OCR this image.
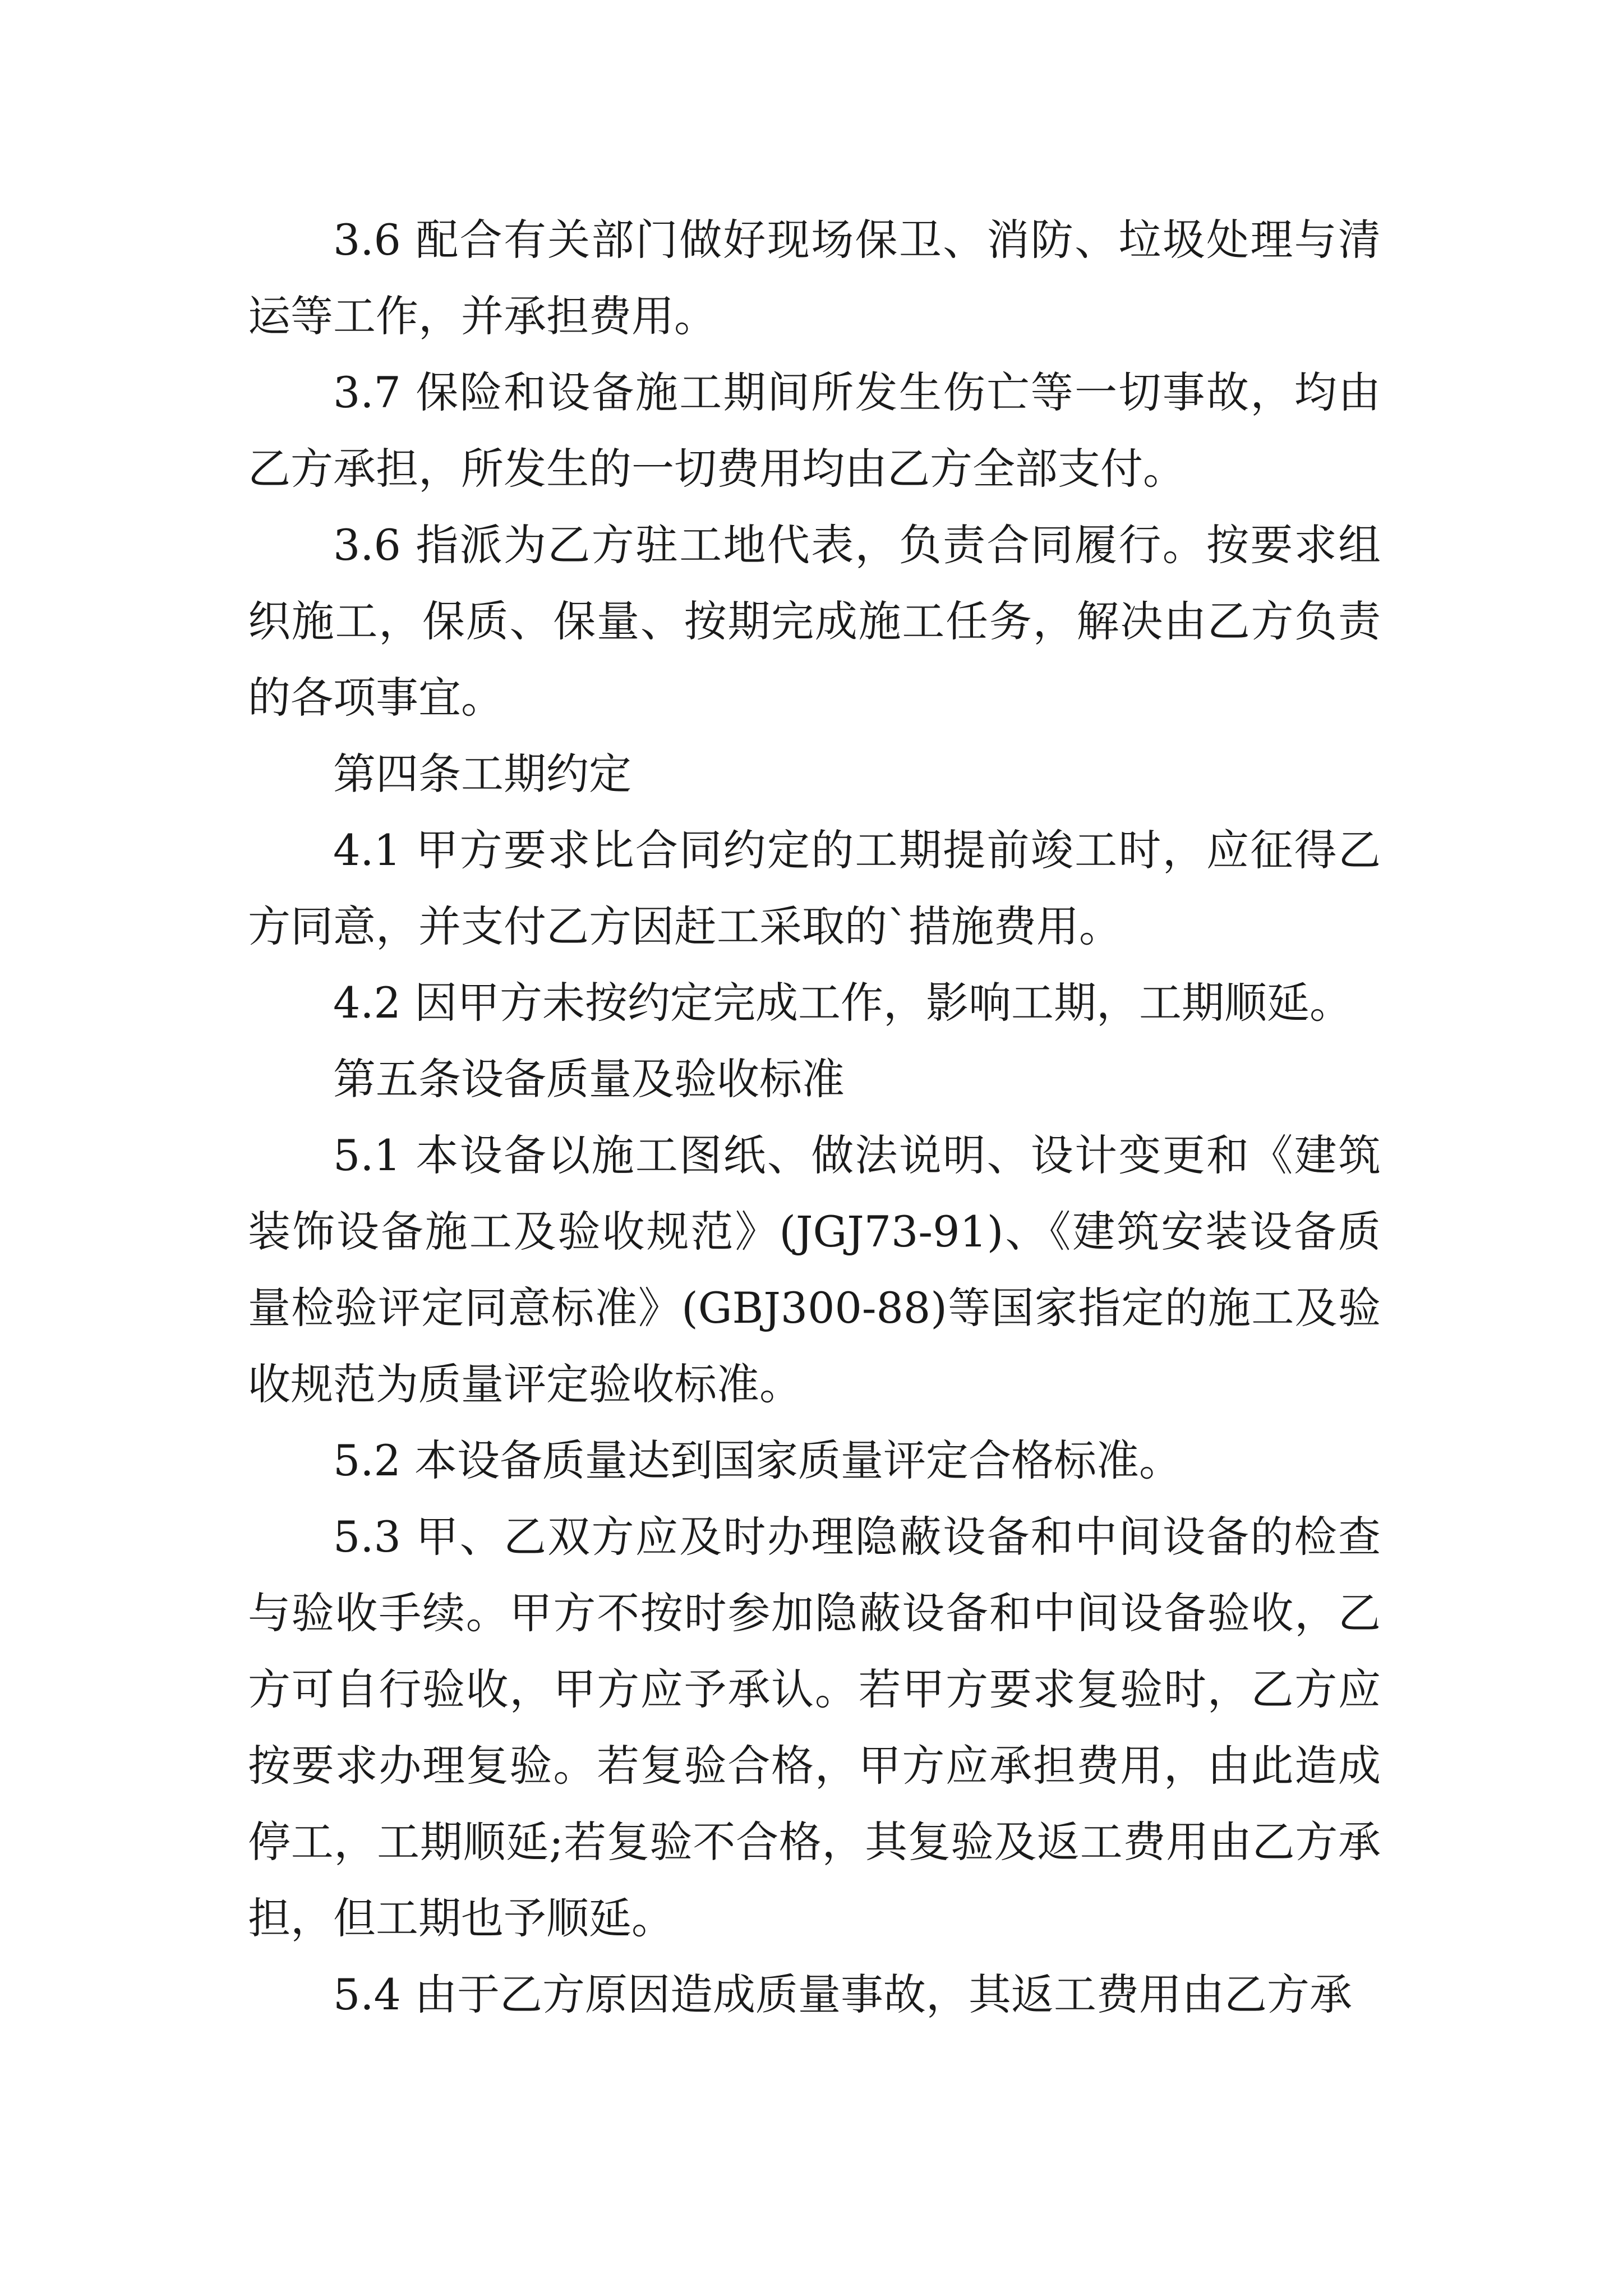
3.6 配合有关部门做好现场保卫、消防、垃圾处理与清运等工作，并承担费用。

3.7 保险和设备施工期间所发生伤亡等一切事故，均由乙方承担，所发生的一切费用均由乙方全部支付。

3.6 指派为乙方驻工地代表，负责合同履行。按要求组织施工，保质、保量、按期完成施工任务，解决由乙方负责的各项事宜。

第四条工期约定

4.1 甲方要求比合同约定的工期提前竣工时，应征得乙方同意，并支付乙方因赶工采取的`措施费用。

4.2 因甲方未按约定完成工作，影响工期，工期顺延。

第五条设备质量及验收标准

5.1 本设备以施工图纸、做法说明、设计变更和《建筑装饰设备施工及验收规范》(JGJ73-91)、《建筑安装设备质量检验评定同意标准》(GBJ300-88)等国家指定的施工及验收规范为质量评定验收标准。

5.2 本设备质量达到国家质量评定合格标准。

5.3 甲、乙双方应及时办理隐蔽设备和中间设备的检查与验收手续。甲方不按时参加隐蔽设备和中间设备验收，乙方可自行验收，甲方应予承认。若甲方要求复验时，乙方应按要求办理复验。若复验合格，甲方应承担费用，由此造成停工，工期顺延;若复验不合格，其复验及返工费用由乙方承担，但工期也予顺延。

5.4 由于乙方原因造成质量事故，其返工费用由乙方承
